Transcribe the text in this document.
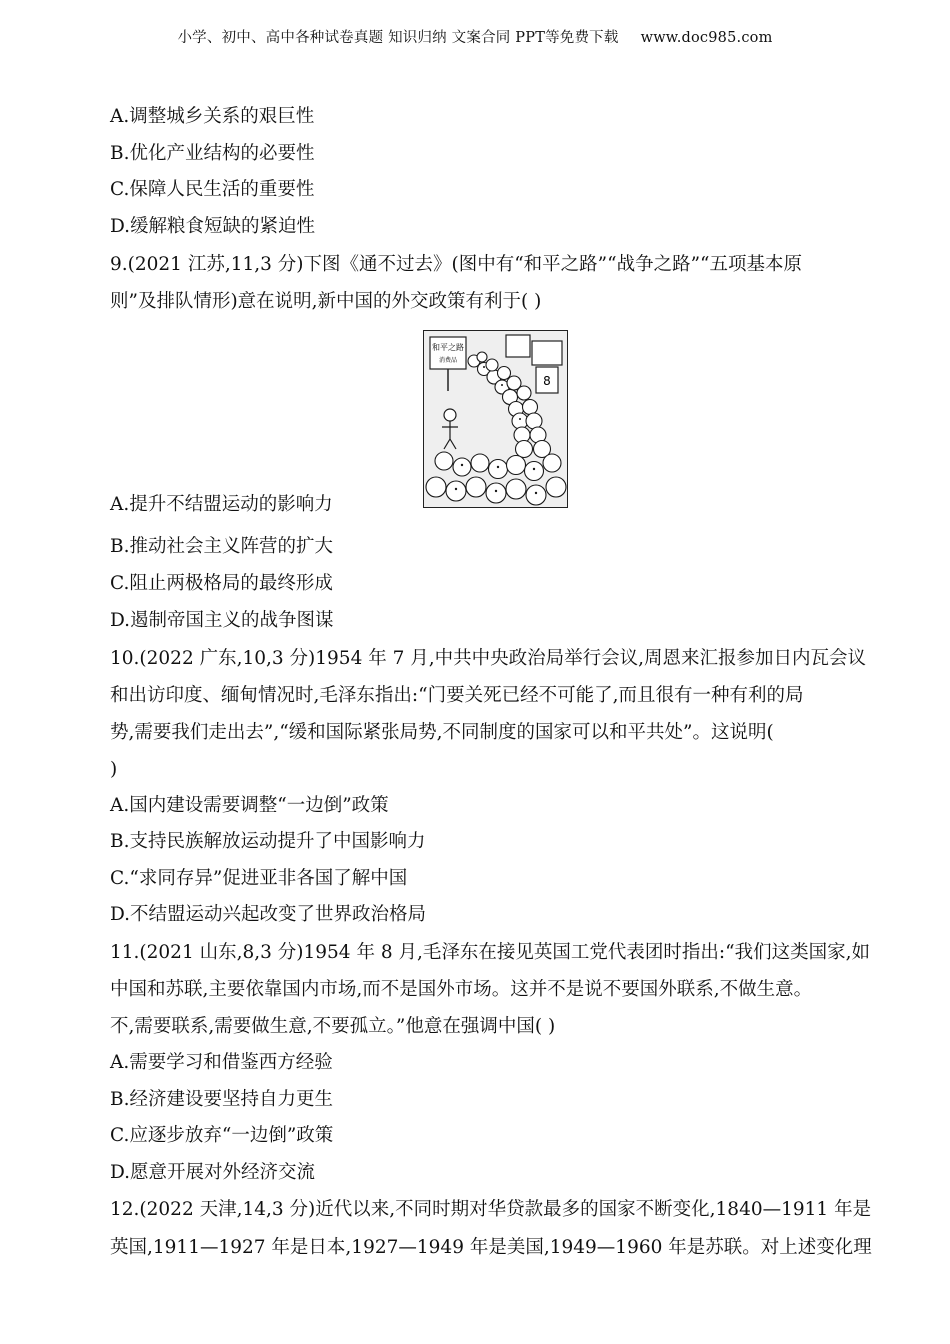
小学、初中、高中各种试卷真题 知识归纳 文案合同 PPT等免费下载 www.doc985.com
A.调整城乡关系的艰巨性
B.优化产业结构的必要性
C.保障人民生活的重要性
D.缓解粮食短缺的紧迫性
9.(2021 江苏,11,3 分)下图《通不过去》(图中有“和平之路”“战争之路”“五项基本原
则”及排队情形)意在说明,新中国的外交政策有利于( )
和平之路
消费品
8
A.提升不结盟运动的影响力
B.推动社会主义阵营的扩大
C.阻止两极格局的最终形成
D.遏制帝国主义的战争图谋
10.(2022 广东,10,3 分)1954 年 7 月,中共中央政治局举行会议,周恩来汇报参加日内瓦会议
和出访印度、缅甸情况时,毛泽东指出:“门要关死已经不可能了,而且很有一种有利的局
势,需要我们走出去”,“缓和国际紧张局势,不同制度的国家可以和平共处”。这说明(
)
A.国内建设需要调整“一边倒”政策
B.支持民族解放运动提升了中国影响力
C.“求同存异”促进亚非各国了解中国
D.不结盟运动兴起改变了世界政治格局
11.(2021 山东,8,3 分)1954 年 8 月,毛泽东在接见英国工党代表团时指出:“我们这类国家,如
中国和苏联,主要依靠国内市场,而不是国外市场。这并不是说不要国外联系,不做生意。
不,需要联系,需要做生意,不要孤立。”他意在强调中国( )
A.需要学习和借鉴西方经验
B.经济建设要坚持自力更生
C.应逐步放弃“一边倒”政策
D.愿意开展对外经济交流
12.(2022 天津,14,3 分)近代以来,不同时期对华贷款最多的国家不断变化,1840—1911 年是
英国,1911—1927 年是日本,1927—1949 年是美国,1949—1960 年是苏联。对上述变化理
